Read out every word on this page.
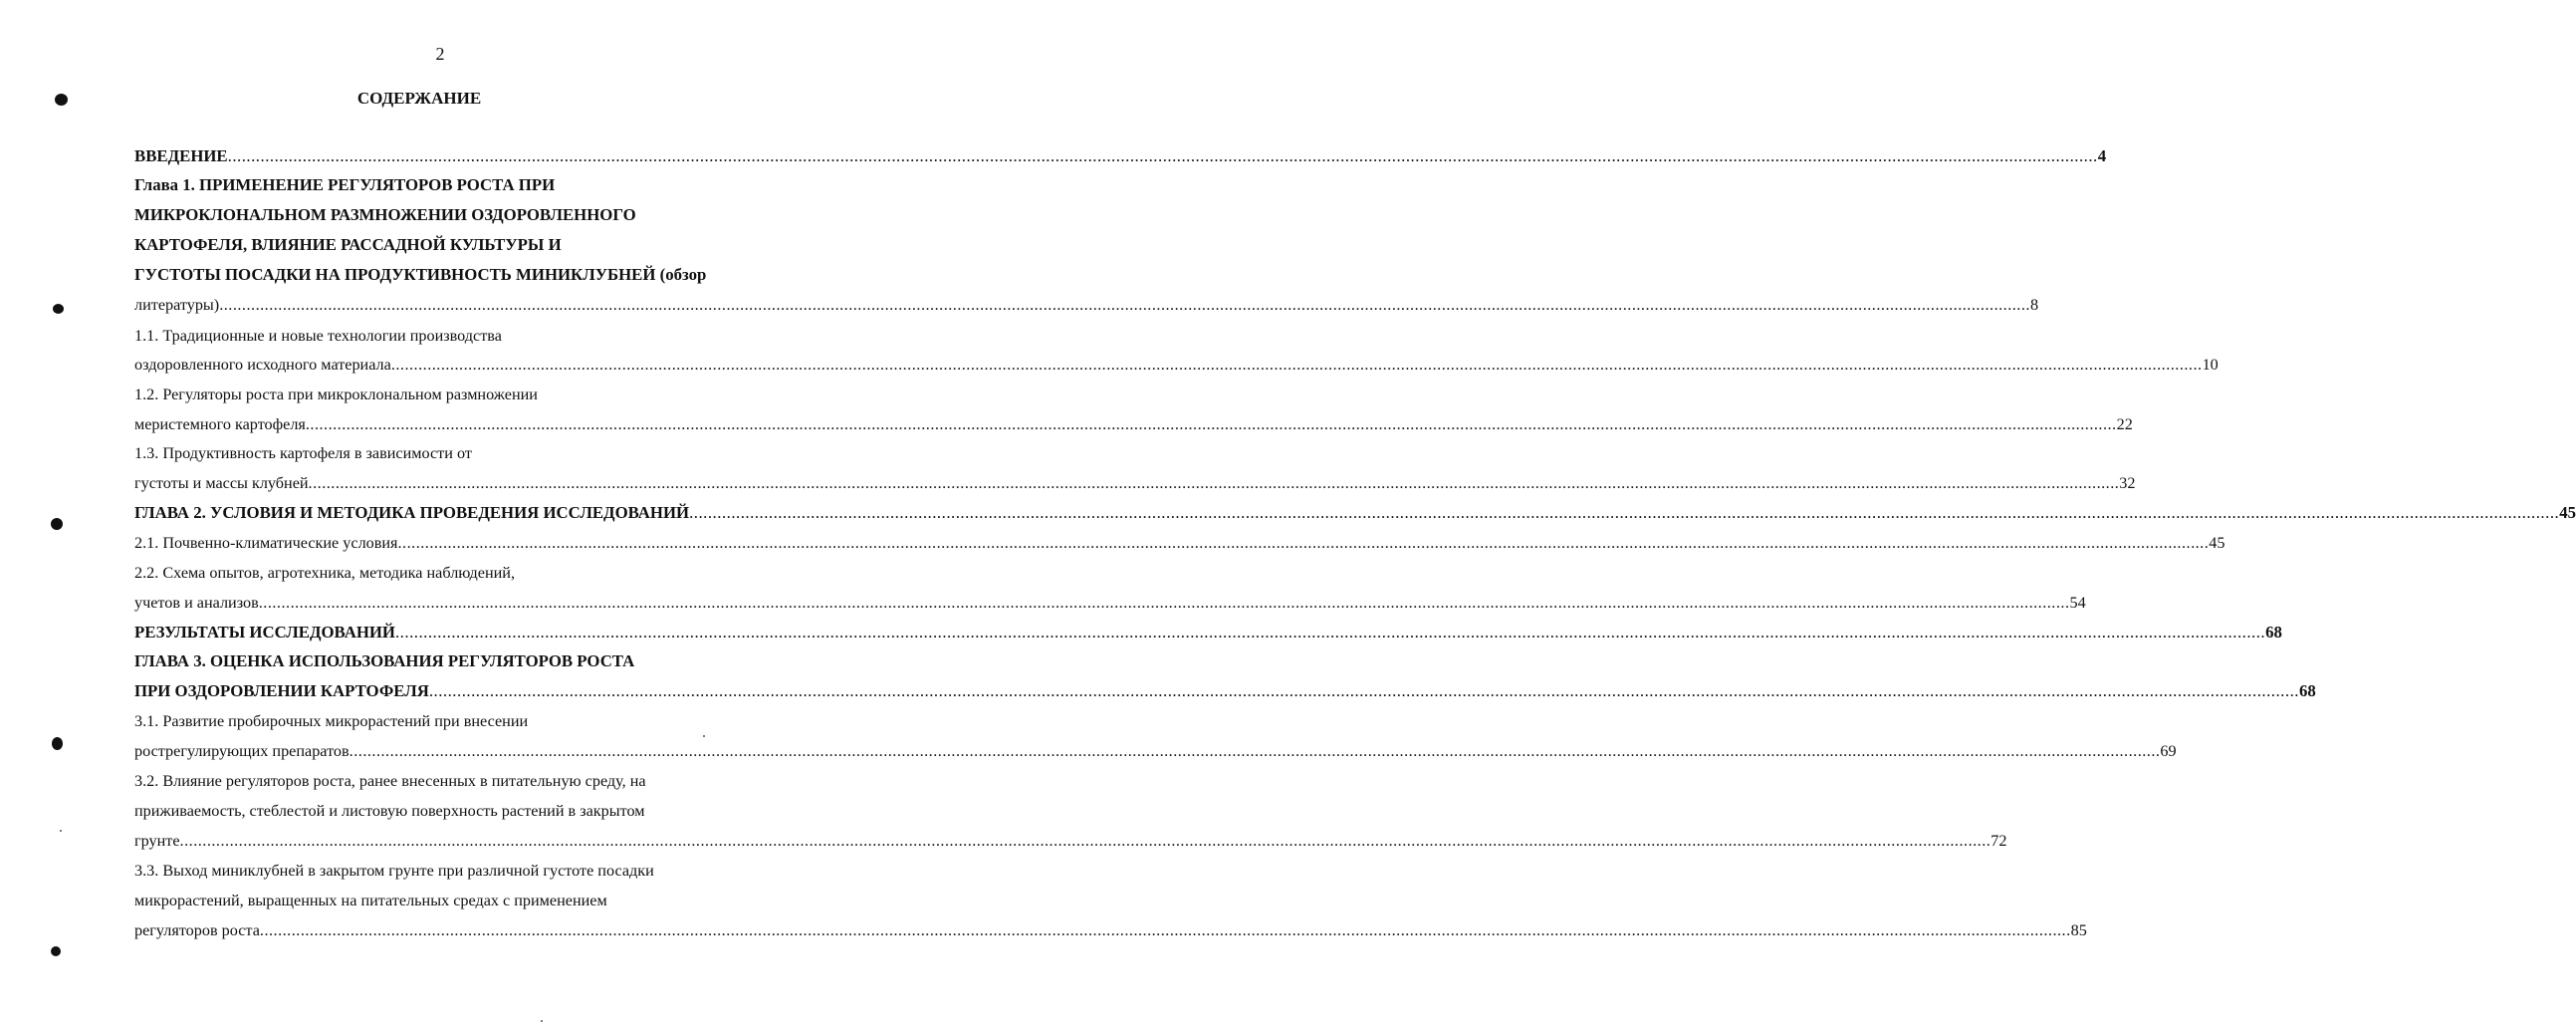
2
СОДЕРЖАНИЕ
ВВЕДЕНИЕ ................................................................................................................................................................................................................................................................................................................................................................................................................ 4
Глава 1. ПРИМЕНЕНИЕ РЕГУЛЯТОРОВ РОСТА ПРИ
МИКРОКЛОНАЛЬНОМ РАЗМНОЖЕНИИ ОЗДОРОВЛЕННОГО
КАРТОФЕЛЯ, ВЛИЯНИЕ РАССАДНОЙ КУЛЬТУРЫ И
ГУСТОТЫ ПОСАДКИ НА ПРОДУКТИВНОСТЬ МИНИКЛУБНЕЙ (обзор
литературы) ................................................................................................................................................................................................................................................................................................................................................................................................................ 8
1.1. Традиционные и новые технологии производства
оздоровленного исходного материала ................................................................................................................................................................................................................................................................................................................................................................................................................ 10
1.2. Регуляторы роста при микроклональном размножении
меристемного картофеля ................................................................................................................................................................................................................................................................................................................................................................................................................ 22
1.3. Продуктивность картофеля в зависимости от
густоты и массы клубней ................................................................................................................................................................................................................................................................................................................................................................................................................ 32
ГЛАВА 2. УСЛОВИЯ И МЕТОДИКА ПРОВЕДЕНИЯ ИССЛЕДОВАНИЙ ................................................................................................................................................................................................................................................................................................................................................................................................................ 45
2.1. Почвенно-климатические условия ................................................................................................................................................................................................................................................................................................................................................................................................................ 45
2.2. Схема опытов, агротехника, методика наблюдений,
учетов и анализов ................................................................................................................................................................................................................................................................................................................................................................................................................ 54
РЕЗУЛЬТАТЫ ИССЛЕДОВАНИЙ ................................................................................................................................................................................................................................................................................................................................................................................................................ 68
ГЛАВА 3. ОЦЕНКА ИСПОЛЬЗОВАНИЯ РЕГУЛЯТОРОВ РОСТА
ПРИ ОЗДОРОВЛЕНИИ КАРТОФЕЛЯ ................................................................................................................................................................................................................................................................................................................................................................................................................ 68
3.1. Развитие пробирочных микрорастений при внесении
рострегулирующих препаратов ................................................................................................................................................................................................................................................................................................................................................................................................................ 69
3.2. Влияние регуляторов роста, ранее внесенных в питательную среду, на
приживаемость, стеблестой и листовую поверхность растений в закрытом
грунте ................................................................................................................................................................................................................................................................................................................................................................................................................ 72
3.3. Выход миниклубней в закрытом грунте при различной густоте посадки
микрорастений, выращенных на питательных средах с применением
регуляторов роста ................................................................................................................................................................................................................................................................................................................................................................................................................ 85
